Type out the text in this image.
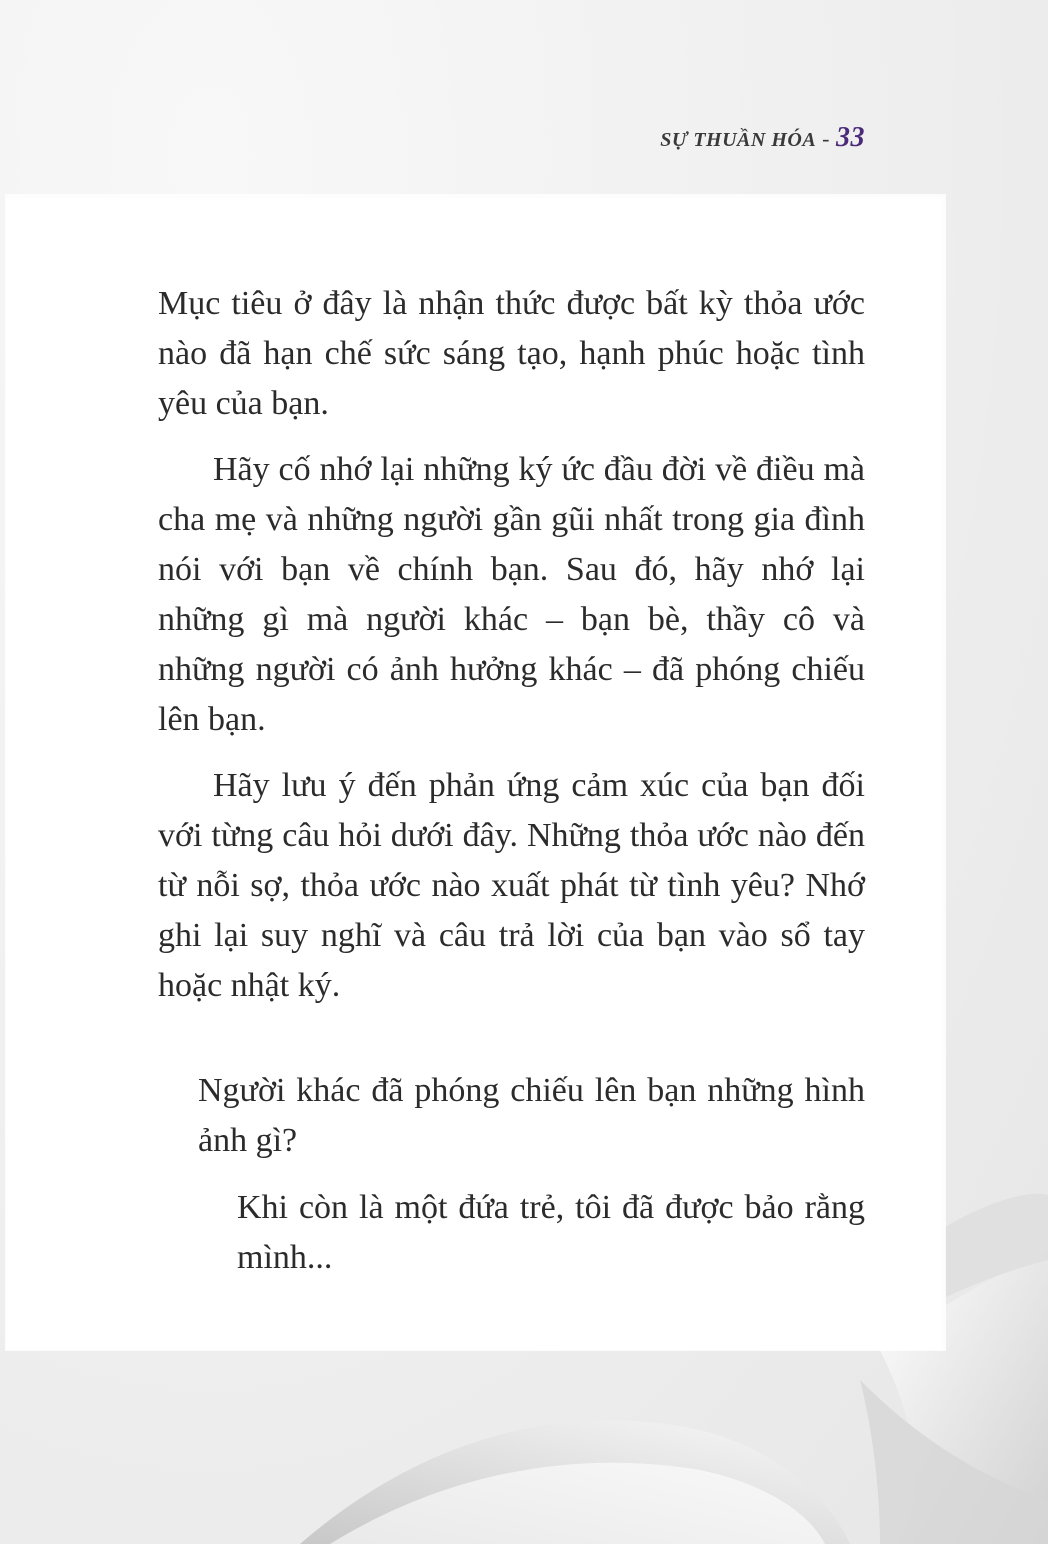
SỰ THUẦN HÓA - 33

Mục tiêu ở đây là nhận thức được bất kỳ thỏa ước nào đã hạn chế sức sáng tạo, hạnh phúc hoặc tình yêu của bạn.

Hãy cố nhớ lại những ký ức đầu đời về điều mà cha mẹ và những người gần gũi nhất trong gia đình nói với bạn về chính bạn. Sau đó, hãy nhớ lại những gì mà người khác – bạn bè, thầy cô và những người có ảnh hưởng khác – đã phóng chiếu lên bạn.

Hãy lưu ý đến phản ứng cảm xúc của bạn đối với từng câu hỏi dưới đây. Những thỏa ước nào đến từ nỗi sợ, thỏa ước nào xuất phát từ tình yêu? Nhớ ghi lại suy nghĩ và câu trả lời của bạn vào sổ tay hoặc nhật ký.

Người khác đã phóng chiếu lên bạn những hình ảnh gì?

Khi còn là một đứa trẻ, tôi đã được bảo rằng mình...
